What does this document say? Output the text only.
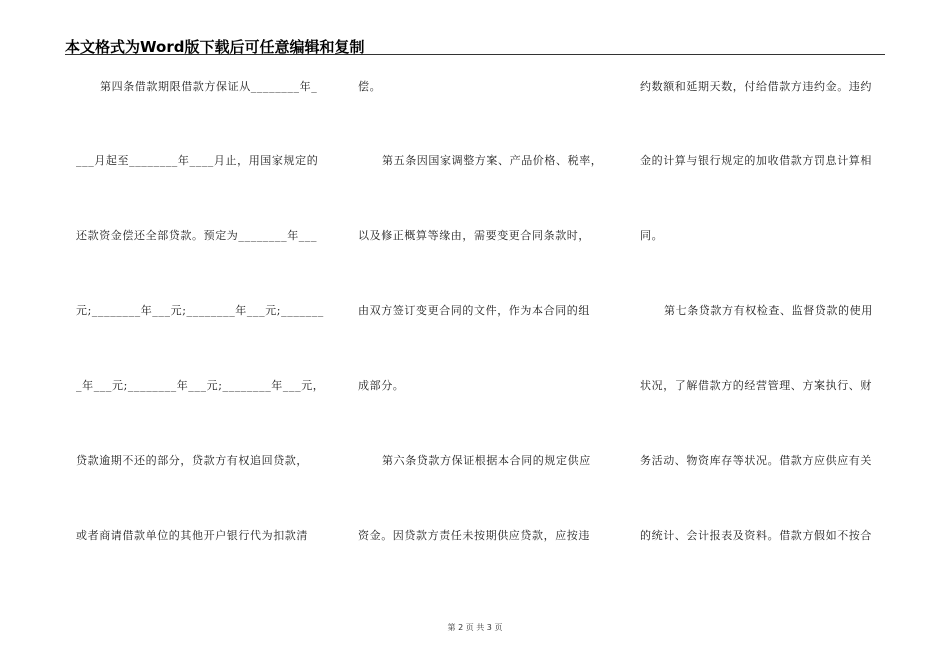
本文格式为Word版下载后可任意编辑和复制
第四条借款期限借款方保证从________年_
___月起至________年____月止，用国家规定的
还款资金偿还全部贷款。预定为________年___
元;________年___元;________年___元;_______
_年___元;________年___元;________年___元，
贷款逾期不还的部分，贷款方有权追回贷款，
或者商请借款单位的其他开户银行代为扣款清
偿。
第五条因国家调整方案、产品价格、税率，
以及修正概算等缘由，需要变更合同条款时，
由双方签订变更合同的文件，作为本合同的组
成部分。
第六条贷款方保证根据本合同的规定供应
资金。因贷款方责任未按期供应贷款，应按违
约数额和延期天数，付给借款方违约金。违约
金的计算与银行规定的加收借款方罚息计算相
同。
第七条贷款方有权检查、监督贷款的使用
状况，了解借款方的经营管理、方案执行、财
务活动、物资库存等状况。借款方应供应有关
的统计、会计报表及资料。借款方假如不按合
第 2 页 共 3 页
